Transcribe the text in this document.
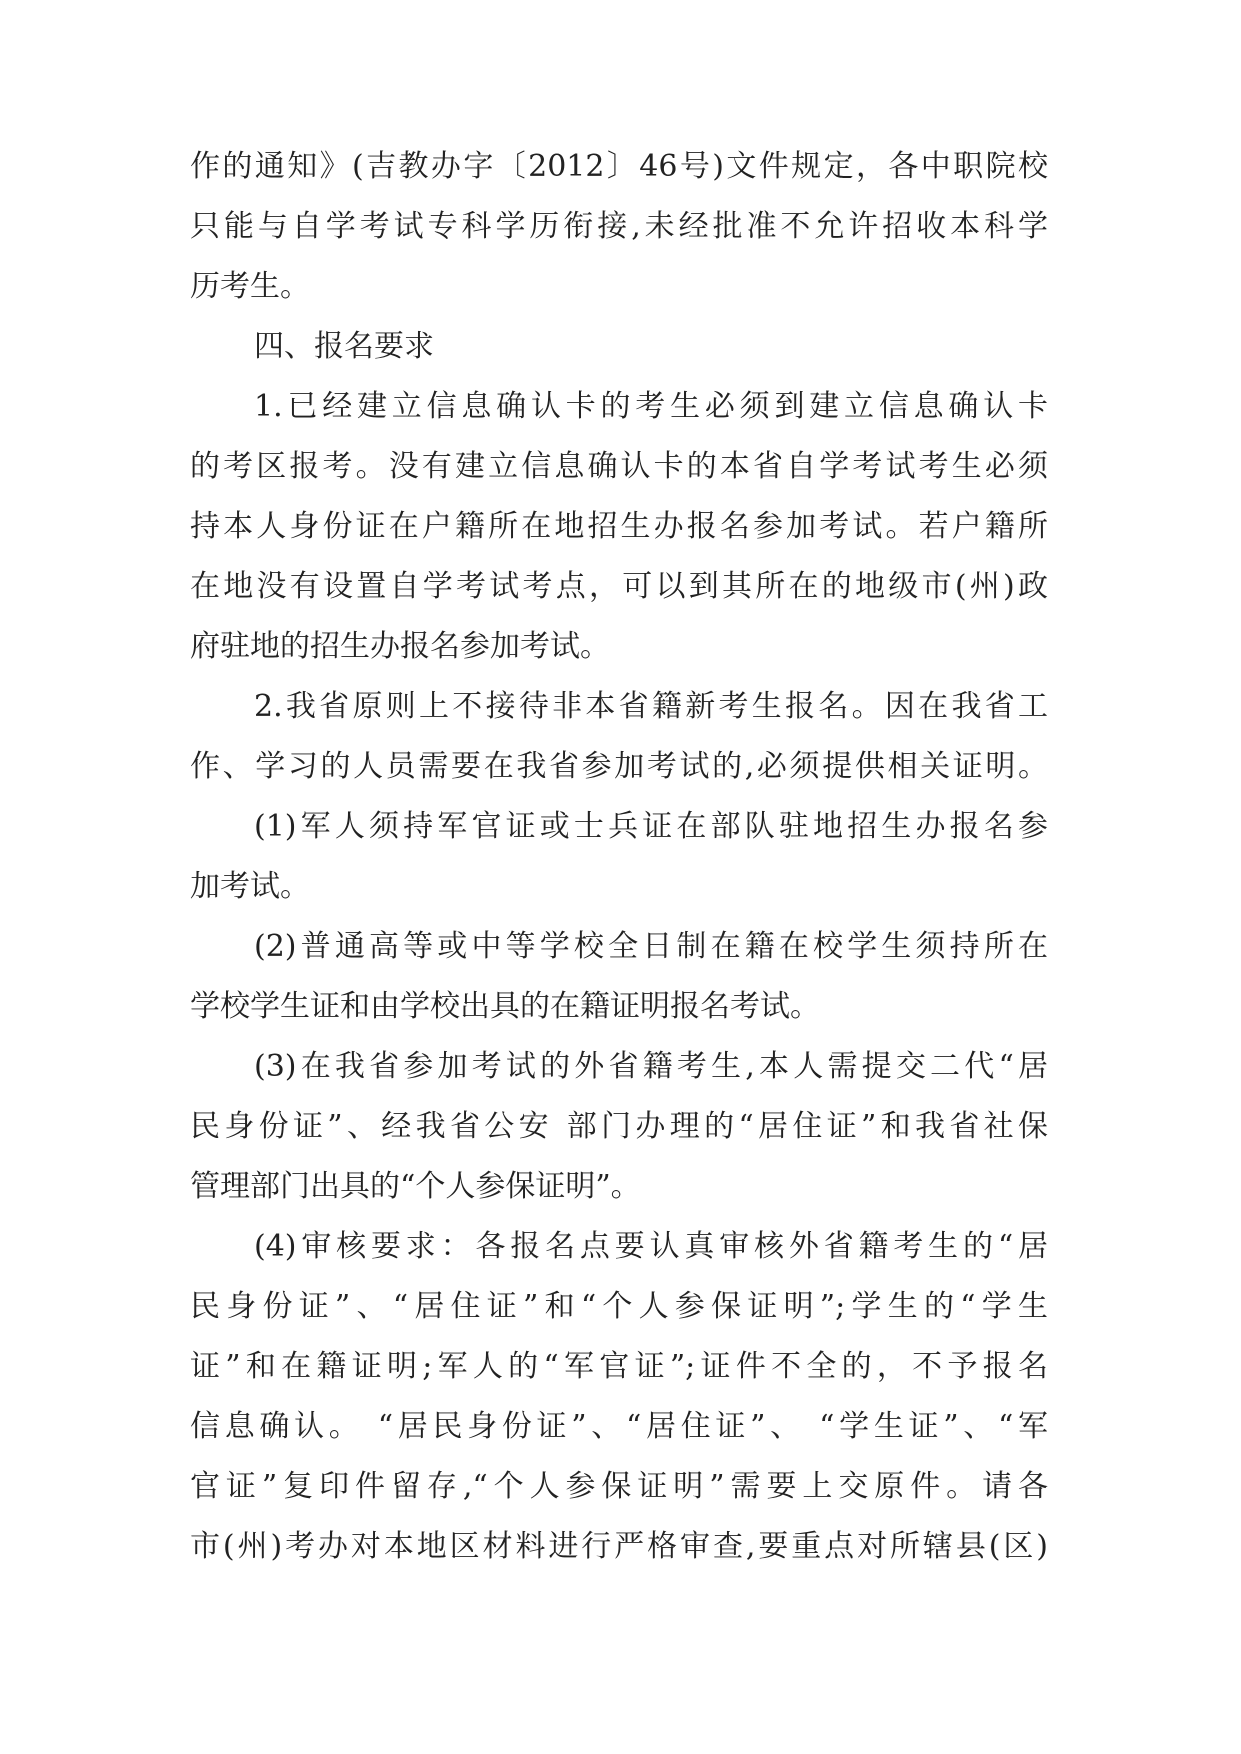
作的通知》(吉教办字〔2012〕46号)文件规定，各中职院校
只能与自学考试专科学历衔接,未经批准不允许招收本科学
历考生。
四、报名要求
1.已经建立信息确认卡的考生必须到建立信息确认卡
的考区报考。没有建立信息确认卡的本省自学考试考生必须
持本人身份证在户籍所在地招生办报名参加考试。若户籍所
在地没有设置自学考试考点，可以到其所在的地级市(州)政
府驻地的招生办报名参加考试。
2.我省原则上不接待非本省籍新考生报名。因在我省工
作、学习的人员需要在我省参加考试的,必须提供相关证明。
(1)军人须持军官证或士兵证在部队驻地招生办报名参
加考试。
(2)普通高等或中等学校全日制在籍在校学生须持所在
学校学生证和由学校出具的在籍证明报名考试。
(3)在我省参加考试的外省籍考生,本人需提交二代“居
民身份证”、经我省公安 部门办理的“居住证”和我省社保
管理部门出具的“个人参保证明”。
(4)审核要求：各报名点要认真审核外省籍考生的“居
民身份证”、“居住证”和“个人参保证明”;学生的“学生
证”和在籍证明;军人的“军官证”;证件不全的，不予报名
信息确认。 “居民身份证”、“居住证”、 “学生证”、“军
官证”复印件留存,“个人参保证明”需要上交原件。请各
市(州)考办对本地区材料进行严格审查,要重点对所辖县(区)
